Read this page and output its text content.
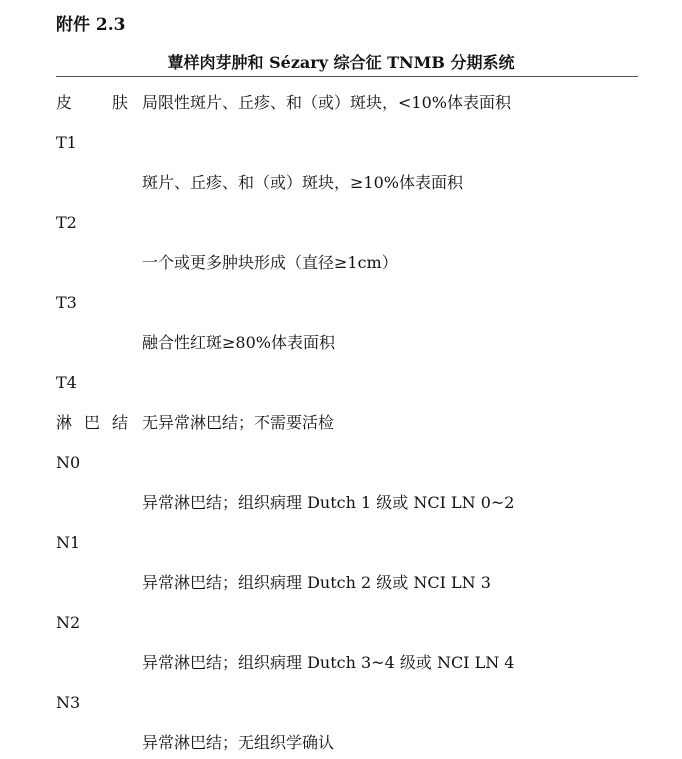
附件 2.3
蕈样肉芽肿和 Sézary 综合征 TNMB 分期系统
皮 肤 局限性斑片、丘疹、和（或）斑块，<10%体表面积
T1
斑片、丘疹、和（或）斑块，≥10%体表面积
T2
一个或更多肿块形成（直径≥1cm）
T3
融合性红斑≥80%体表面积
T4
淋 巴 结 无异常淋巴结；不需要活检
N0
异常淋巴结；组织病理 Dutch 1 级或 NCI LN 0~2
N1
异常淋巴结；组织病理 Dutch 2 级或 NCI LN 3
N2
异常淋巴结；组织病理 Dutch 3~4 级或 NCI LN 4
N3
异常淋巴结；无组织学确认
